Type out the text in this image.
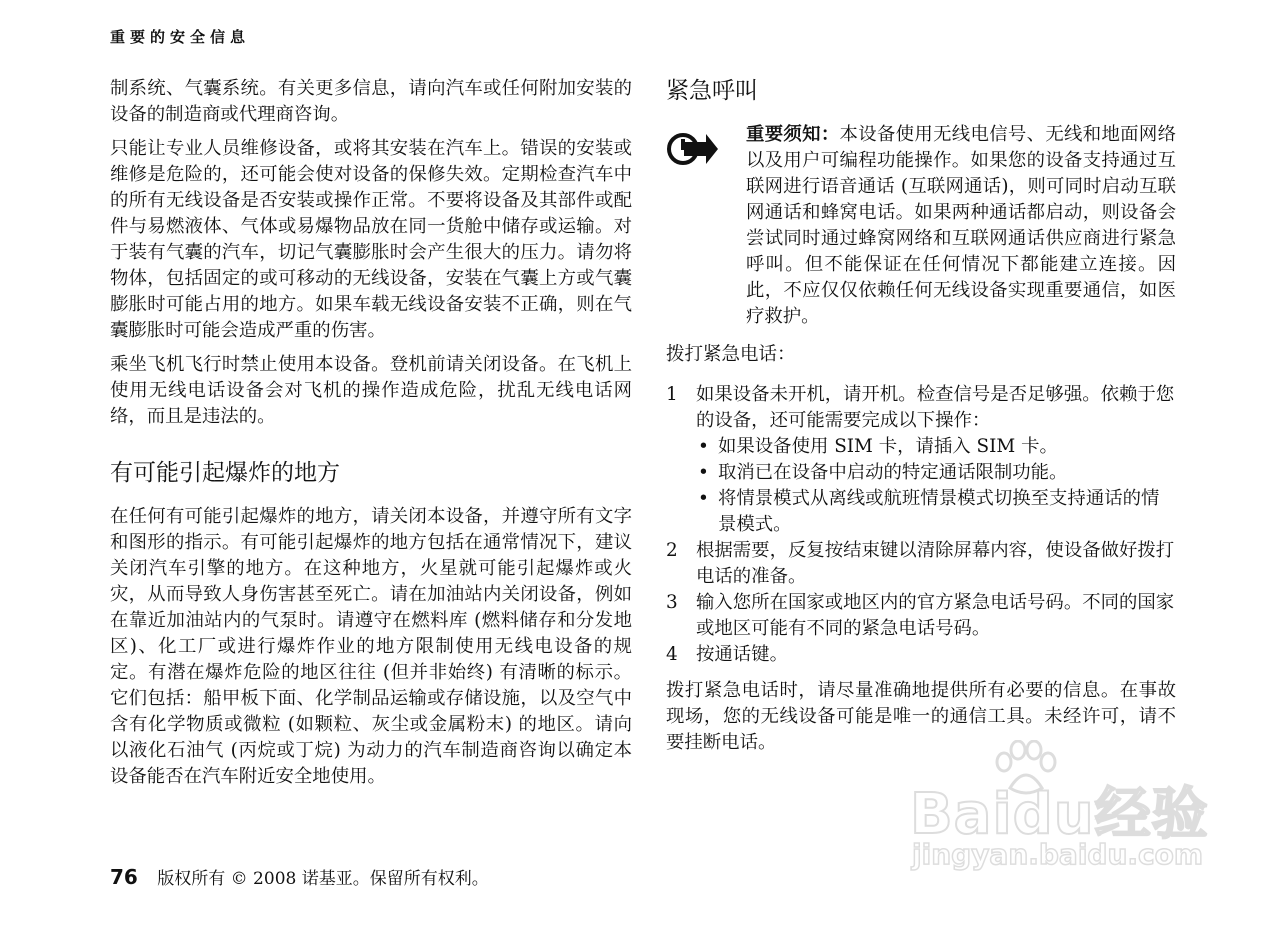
重要的安全信息

制系统、气囊系统。有关更多信息，请向汽车或任何附加安装的设备的制造商或代理商咨询。

只能让专业人员维修设备，或将其安装在汽车上。错误的安装或维修是危险的，还可能会使对设备的保修失效。定期检查汽车中的所有无线设备是否安装或操作正常。不要将设备及其部件或配件与易燃液体、气体或易爆物品放在同一货舱中储存或运输。对于装有气囊的汽车，切记气囊膨胀时会产生很大的压力。请勿将物体，包括固定的或可移动的无线设备，安装在气囊上方或气囊膨胀时可能占用的地方。如果车载无线设备安装不正确，则在气囊膨胀时可能会造成严重的伤害。

乘坐飞机飞行时禁止使用本设备。登机前请关闭设备。在飞机上使用无线电话设备会对飞机的操作造成危险，扰乱无线电话网络，而且是违法的。

有可能引起爆炸的地方

在任何有可能引起爆炸的地方，请关闭本设备，并遵守所有文字和图形的指示。有可能引起爆炸的地方包括在通常情况下，建议关闭汽车引擎的地方。在这种地方，火星就可能引起爆炸或火灾，从而导致人身伤害甚至死亡。请在加油站内关闭设备，例如在靠近加油站内的气泵时。请遵守在燃料库 (燃料储存和分发地区)、化工厂或进行爆炸作业的地方限制使用无线电设备的规定。有潜在爆炸危险的地区往往 (但并非始终) 有清晰的标示。它们包括：船甲板下面、化学制品运输或存储设施，以及空气中含有化学物质或微粒 (如颗粒、灰尘或金属粉末) 的地区。请向以液化石油气 (丙烷或丁烷) 为动力的汽车制造商咨询以确定本设备能否在汽车附近安全地使用。

紧急呼叫

重要须知：本设备使用无线电信号、无线和地面网络以及用户可编程功能操作。如果您的设备支持通过互联网进行语音通话 (互联网通话)，则可同时启动互联网通话和蜂窝电话。如果两种通话都启动，则设备会尝试同时通过蜂窝网络和互联网通话供应商进行紧急呼叫。但不能保证在任何情况下都能建立连接。因此，不应仅仅依赖任何无线设备实现重要通信，如医疗救护。

拨打紧急电话：
1 如果设备未开机，请开机。检查信号是否足够强。依赖于您的设备，还可能需要完成以下操作：
• 如果设备使用 SIM 卡，请插入 SIM 卡。
• 取消已在设备中启动的特定通话限制功能。
• 将情景模式从离线或航班情景模式切换至支持通话的情景模式。
2 根据需要，反复按结束键以清除屏幕内容，使设备做好拨打电话的准备。
3 输入您所在国家或地区内的官方紧急电话号码。不同的国家或地区可能有不同的紧急电话号码。
4 按通话键。

拨打紧急电话时，请尽量准确地提供所有必要的信息。在事故现场，您的无线设备可能是唯一的通信工具。未经许可，请不要挂断电话。

76 版权所有 © 2008 诺基亚。保留所有权利。
Baidu经验
jingyan.baidu.com
